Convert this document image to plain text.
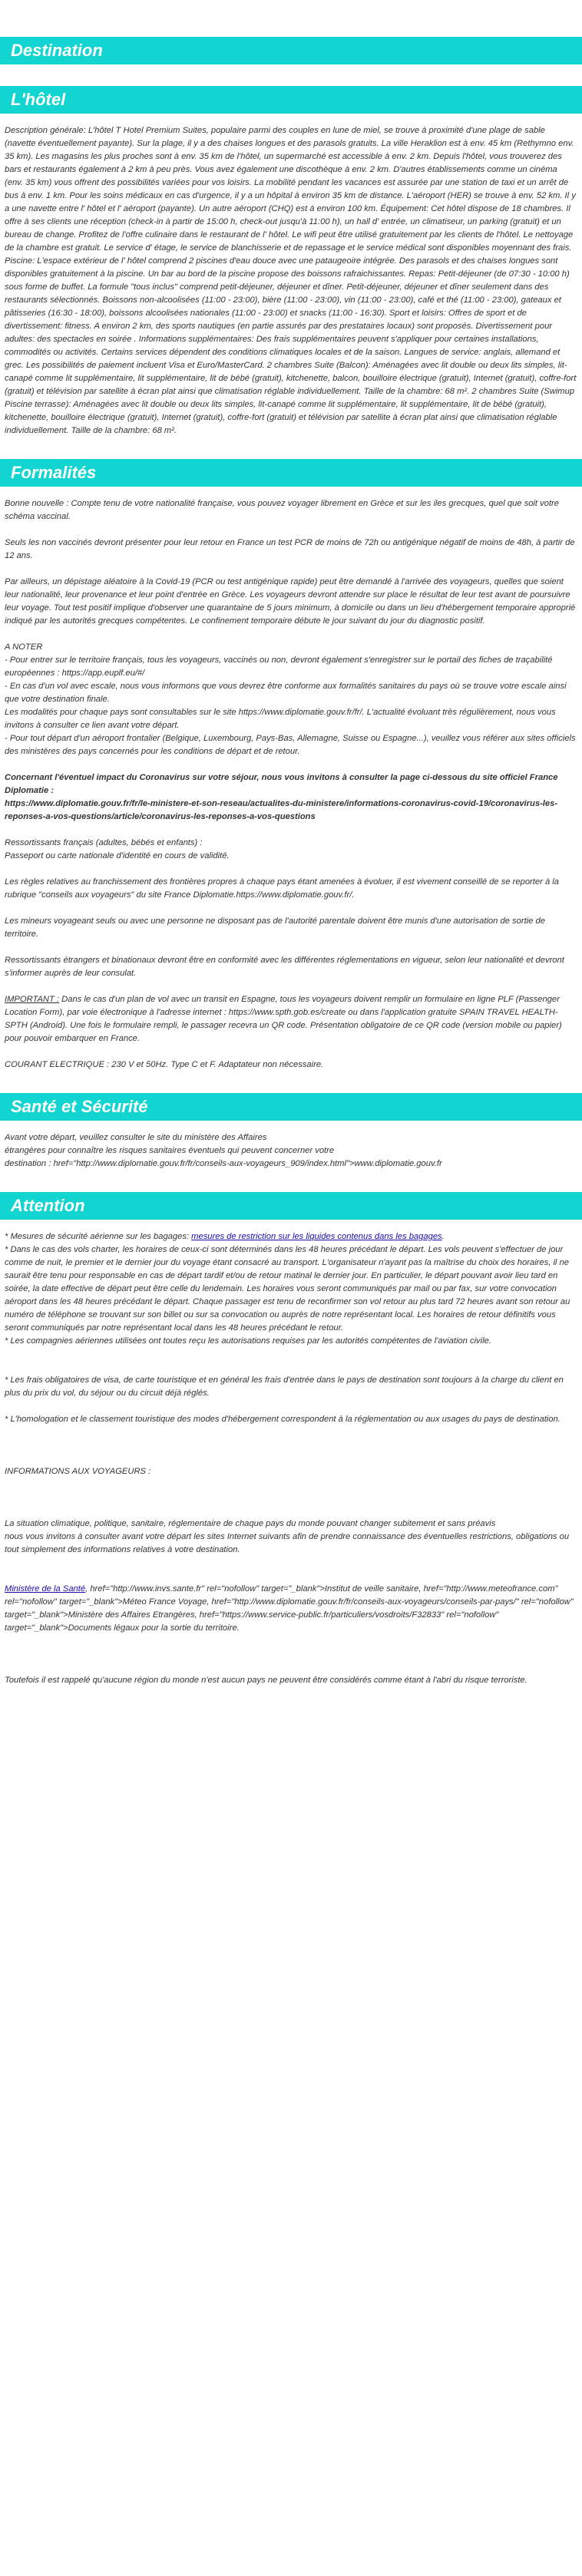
Destination
L'hôtel

Description générale: L'hôtel T Hotel Premium Suites, populaire parmi des couples en lune de miel, se trouve à proximité d'une plage de sable (navette éventuellement payante). Sur la plage, il y a des chaises longues et des parasols gratuits. La ville Heraklion est à env. 45 km (Rethymno env. 35 km). Les magasins les plus proches sont à env. 35 km de l'hôtel, un supermarché est accessible à env. 2 km. Depuis l'hôtel, vous trouverez des bars et restaurants également à 2 km à peu près. Vous avez également une discothèque à env. 2 km. D'autres établissements comme un cinéma (env. 35 km) vous offrent des possibilités variées pour vos loisirs. La mobilité pendant les vacances est assurée par une station de taxi et un arrêt de bus à env. 1 km. Pour les soins médicaux en cas d'urgence, il y a un hôpital à environ 35 km de distance. L'aéroport (HER) se trouve à env. 52 km. Il y a une navette entre l' hôtel et l' aéroport (payante). Un autre aéroport (CHQ) est à environ 100 km. Équipement: Cet hôtel dispose de 18 chambres. Il offre à ses clients une réception (check-in à partir de 15:00 h, check-out jusqu'à 11:00 h), un hall d' entrée, un climatiseur, un parking (gratuit) et un bureau de change. Profitez de l'offre culinaire dans le restaurant de l' hôtel. Le wifi peut être utilisé gratuitement par les clients de l'hôtel. Le nettoyage de la chambre est gratuit. Le service d' étage, le service de blanchisserie et de repassage et le service médical sont disponibles moyennant des frais. Piscine: L'espace extérieur de l' hôtel comprend 2 piscines d'eau douce avec une pataugeoire intégrée. Des parasols et des chaises longues sont disponibles gratuitement à la piscine. Un bar au bord de la piscine propose des boissons rafraichissantes. Repas: Petit-déjeuner (de 07:30 - 10:00 h) sous forme de buffet. La formule "tous inclus" comprend petit-déjeuner, déjeuner et dîner. Petit-déjeuner, déjeuner et dîner seulement dans des restaurants sélectionnés. Boissons non-alcoolisées (11:00 - 23:00), bière (11:00 - 23:00), vin (11:00 - 23:00), café et thé (11:00 - 23:00), gateaux et pâtisseries (16:30 - 18:00), boissons alcoolisées nationales (11:00 - 23:00) et snacks (11:00 - 16:30). Sport et loisirs: Offres de sport et de divertissement: fitness. A environ 2 km, des sports nautiques (en partie assurés par des prestataires locaux) sont proposés. Divertissement pour adultes: des spectacles en soirée . Informations supplémentaires: Des frais supplémentaires peuvent s'appliquer pour certaines installations, commodités ou activités. Certains services dépendent des conditions climatiques locales et de la saison. Langues de service: anglais, allemand et grec. Les possibilités de paiement incluent Visa et Euro/MasterCard. 2 chambres Suite (Balcon): Aménagées avec lit double ou deux lits simples, lit-canapé comme lit supplémentaire, lit supplémentaire, lit de bébé (gratuit), kitchenette, balcon, bouilloire électrique (gratuit), Internet (gratuit), coffre-fort (gratuit) et télévision par satellite à écran plat ainsi que climatisation réglable individuellement. Taille de la chambre: 68 m². 2 chambres Suite (Swimup Piscine terrasse): Aménagées avec lit double ou deux lits simples, lit-canapé comme lit supplémentaire, lit supplémentaire, lit de bébé (gratuit), kitchenette, bouilloire électrique (gratuit), Internet (gratuit), coffre-fort (gratuit) et télévision par satellite à écran plat ainsi que climatisation réglable individuellement. Taille de la chambre: 68 m².

Formalités

Bonne nouvelle : Compte tenu de votre nationalité française, vous pouvez voyager librement en Grèce et sur les iles grecques, quel que soit votre schéma vaccinal.

Seuls les non vaccinés devront présenter pour leur retour en France un test PCR de moins de 72h ou antigénique négatif de moins de 48h, à partir de 12 ans.

Par ailleurs, un dépistage aléatoire à la Covid-19 (PCR ou test antigénique rapide) peut être demandé à l'arrivée des voyageurs, quelles que soient leur nationalité, leur provenance et leur point d'entrée en Grèce. Les voyageurs devront attendre sur place le résultat de leur test avant de poursuivre leur voyage. Tout test positif implique d'observer une quarantaine de 5 jours minimum, à domicile ou dans un lieu d'hébergement temporaire approprié indiqué par les autorités grecques compétentes. Le confinement temporaire débute le jour suivant du jour du diagnostic positif.

A NOTER

- Pour entrer sur le territoire français, tous les voyageurs, vaccinés ou non, devront également s'enregistrer sur le portail des fiches de traçabilité européennes : https://app.euplf.eu/#/

- En cas d'un vol avec escale, nous vous informons que vous devrez être conforme aux formalités sanitaires du pays où se trouve votre escale ainsi que votre destination finale.

Les modalités pour chaque pays sont consultables sur le site https://www.diplomatie.gouv.fr/fr/. L'actualité évoluant très régulièrement, nous vous invitons à consulter ce lien avant votre départ.

- Pour tout départ d'un aéroport frontalier (Belgique, Luxembourg, Pays-Bas, Allemagne, Suisse ou Espagne...), veuillez vous référer aux sites officiels des ministères des pays concernés pour les conditions de départ et de retour.

Concernant l'éventuel impact du Coronavirus sur votre séjour, nous vous invitons à consulter la page ci-dessous du site officiel France Diplomatie :
https://www.diplomatie.gouv.fr/fr/le-ministere-et-son-reseau/actualites-du-ministere/informations-coronavirus-covid-19/coronavirus-les-reponses-a-vos-questions/article/coronavirus-les-reponses-a-vos-questions

Ressortissants français (adultes, bébés et enfants) :
Passeport ou carte nationale d'identité en cours de validité.

Les règles relatives au franchissement des frontières propres à chaque pays étant amenées à évoluer, il est vivement conseillé de se reporter à la rubrique "conseils aux voyageurs" du site France Diplomatie.https://www.diplomatie.gouv.fr/.

Les mineurs voyageant seuls ou avec une personne ne disposant pas de l'autorité parentale doivent être munis d'une autorisation de sortie de territoire.

Ressortissants étrangers et binationaux devront être en conformité avec les différentes réglementations en vigueur, selon leur nationalité et devront s'informer auprès de leur consulat.

IMPORTANT : Dans le cas d'un plan de vol avec un transit en Espagne, tous les voyageurs doivent remplir un formulaire en ligne PLF (Passenger Location Form), par voie électronique à l'adresse internet : https://www.spth.gob.es/create ou dans l'application gratuite SPAIN TRAVEL HEALTH-SPTH (Android). Une fois le formulaire rempli, le passager recevra un QR code. Présentation obligatoire de ce QR code (version mobile ou papier) pour pouvoir embarquer en France.

COURANT ELECTRIQUE : 230 V et 50Hz. Type C et F. Adaptateur non nécessaire.

Santé et Sécurité

Avant votre départ, veuillez consulter le site du ministère des Affaires
étrangères pour connaître les risques sanitaires éventuels qui peuvent concerner votre
destination : href="http://www.diplomatie.gouv.fr/fr/conseils-aux-voyageurs_909/index.html">www.diplomatie.gouv.fr

Attention

* Mesures de sécurité aérienne sur les bagages: mesures de restriction sur les liquides contenus dans les bagages.

* Dans le cas des vols charter, les horaires de ceux-ci sont déterminés dans les 48 heures précédant le départ. Les vols peuvent s'effectuer de jour comme de nuit, le premier et le dernier jour du voyage étant consacré au transport. L'organisateur n'ayant pas la maîtrise du choix des horaires, il ne saurait être tenu pour responsable en cas de départ tardif et/ou de retour matinal le dernier jour. En particulier, le départ pouvant avoir lieu tard en soirée, la date effective de départ peut être celle du lendemain. Les horaires vous seront communiqués par mail ou par fax, sur votre convocation aéroport dans les 48 heures précédant le départ. Chaque passager est tenu de reconfirmer son vol retour au plus tard 72 heures avant son retour au numéro de téléphone se trouvant sur son billet ou sur sa convocation ou auprès de notre représentant local. Les horaires de retour définitifs vous seront communiqués par notre représentant local dans les 48 heures précédant le retour.

* Les compagnies aériennes utilisées ont toutes reçu les autorisations requises par les autorités compétentes de l'aviation civile.

* Les frais obligatoires de visa, de carte touristique et en général les frais d'entrée dans le pays de destination sont toujours à la charge du client en plus du prix du vol, du séjour ou du circuit déjà réglés.

* L'homologation et le classement touristique des modes d'hébergement correspondent à la réglementation ou aux usages du pays de destination.

INFORMATIONS AUX VOYAGEURS :

La situation climatique, politique, sanitaire, réglementaire de chaque pays du monde pouvant changer subitement et sans préavis
nous vous invitons à consulter avant votre départ les sites Internet suivants afin de prendre connaissance des éventuelles restrictions, obligations ou tout simplement des informations relatives à votre destination.

Ministère de la Santé, href="http://www.invs.sante.fr" rel="nofollow" target="_blank">Institut de veille sanitaire, href="http://www.meteofrance.com" rel="nofollow" target="_blank">Méteo France Voyage, href="http://www.diplomatie.gouv.fr/fr/conseils-aux-voyageurs/conseils-par-pays/" rel="nofollow" target="_blank">Ministère des Affaires Etrangères, href="https://www.service-public.fr/particuliers/vosdroits/F32833" rel="nofollow" target="_blank">Documents légaux pour la sortie du territoire.

Toutefois il est rappelé qu'aucune région du monde n'est aucun pays ne peuvent être considérés comme étant à l'abri du risque terroriste.
